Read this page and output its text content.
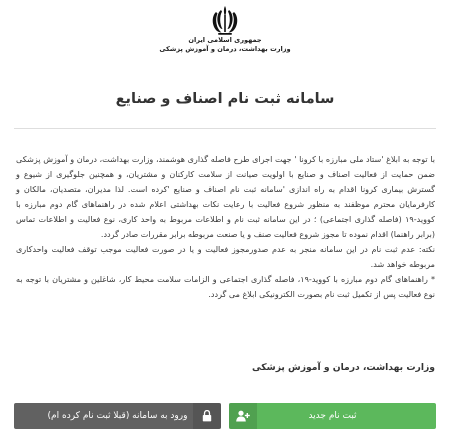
جمهوری اسلامی ایران
وزارت بهداشت، درمان و آموزش پزشکی
سامانه ثبت نام اصناف و صنایع

با توجه به ابلاغ 'ستاد ملی مبارزه با کرونا ' جهت اجرای طرح فاصله گذاری هوشمند، وزارت بهداشت، درمان و آموزش پزشکی ضمن حمایت از فعالیت اصناف و صنایع با اولویت صیانت از سلامت کارکنان و مشتریان، و همچنین جلوگیری از شیوع و گسترش بیماری کرونا اقدام به راه اندازی 'سامانه ثبت نام اصناف و صنایع 'کرده است. لذا مدیران، متصدیان، مالکان و کارفرمایان محترم موظفند به منظور شروع فعالیت با رعایت نکات بهداشتی اعلام شده در راهنماهای گام دوم مبارزه با کووید-۱۹ (فاصله گذاری اجتماعی) ؛ در این سامانه ثبت نام و اطلاعات مربوط به واحد کاری، نوع فعالیت و اطلاعات تماس (برابر راهنما) اقدام نموده تا مجوز شروع فعالیت صنف و یا صنعت مربوطه برابر مقررات صادر گردد.

نکته: عدم ثبت نام در این سامانه منجر به عدم صدورمجوز فعالیت و یا در صورت فعالیت موجب توقف فعالیت واحدکاری مربوطه خواهد شد.

* راهنماهای گام دوم مبارزه با کووید-۱۹، فاصله گذاری اجتماعی و الزامات سلامت محیط کار، شاغلین و مشتریان با توجه به نوع فعالیت پس از تکمیل ثبت نام بصورت الکترونیکی ابلاغ می گردد.

وزارت بهداشت، درمان و آموزش پزشکی
ثبت نام جدید
ورود به سامانه (قبلا ثبت نام کرده ام)
